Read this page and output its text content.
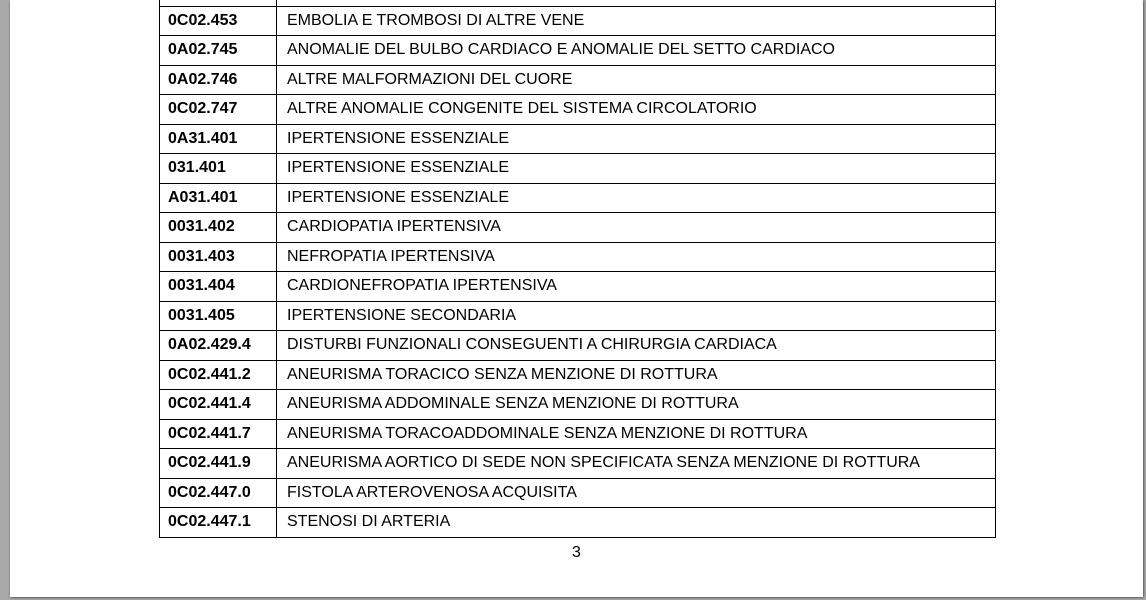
0C02.453	EMBOLIA E TROMBOSI DI ALTRE VENE
0A02.745	ANOMALIE DEL BULBO CARDIACO E ANOMALIE DEL SETTO CARDIACO
0A02.746	ALTRE MALFORMAZIONI DEL CUORE
0C02.747	ALTRE ANOMALIE CONGENITE DEL SISTEMA CIRCOLATORIO
0A31.401	IPERTENSIONE ESSENZIALE
031.401	IPERTENSIONE ESSENZIALE
A031.401	IPERTENSIONE ESSENZIALE
0031.402	CARDIOPATIA IPERTENSIVA
0031.403	NEFROPATIA IPERTENSIVA
0031.404	CARDIONEFROPATIA IPERTENSIVA
0031.405	IPERTENSIONE SECONDARIA
0A02.429.4	DISTURBI FUNZIONALI CONSEGUENTI A CHIRURGIA CARDIACA
0C02.441.2	ANEURISMA TORACICO SENZA MENZIONE DI ROTTURA
0C02.441.4	ANEURISMA ADDOMINALE SENZA MENZIONE DI ROTTURA
0C02.441.7	ANEURISMA TORACOADDOMINALE SENZA MENZIONE DI ROTTURA
0C02.441.9	ANEURISMA AORTICO DI SEDE NON SPECIFICATA SENZA MENZIONE DI ROTTURA
0C02.447.0	FISTOLA ARTEROVENOSA ACQUISITA
0C02.447.1	STENOSI DI ARTERIA
3
